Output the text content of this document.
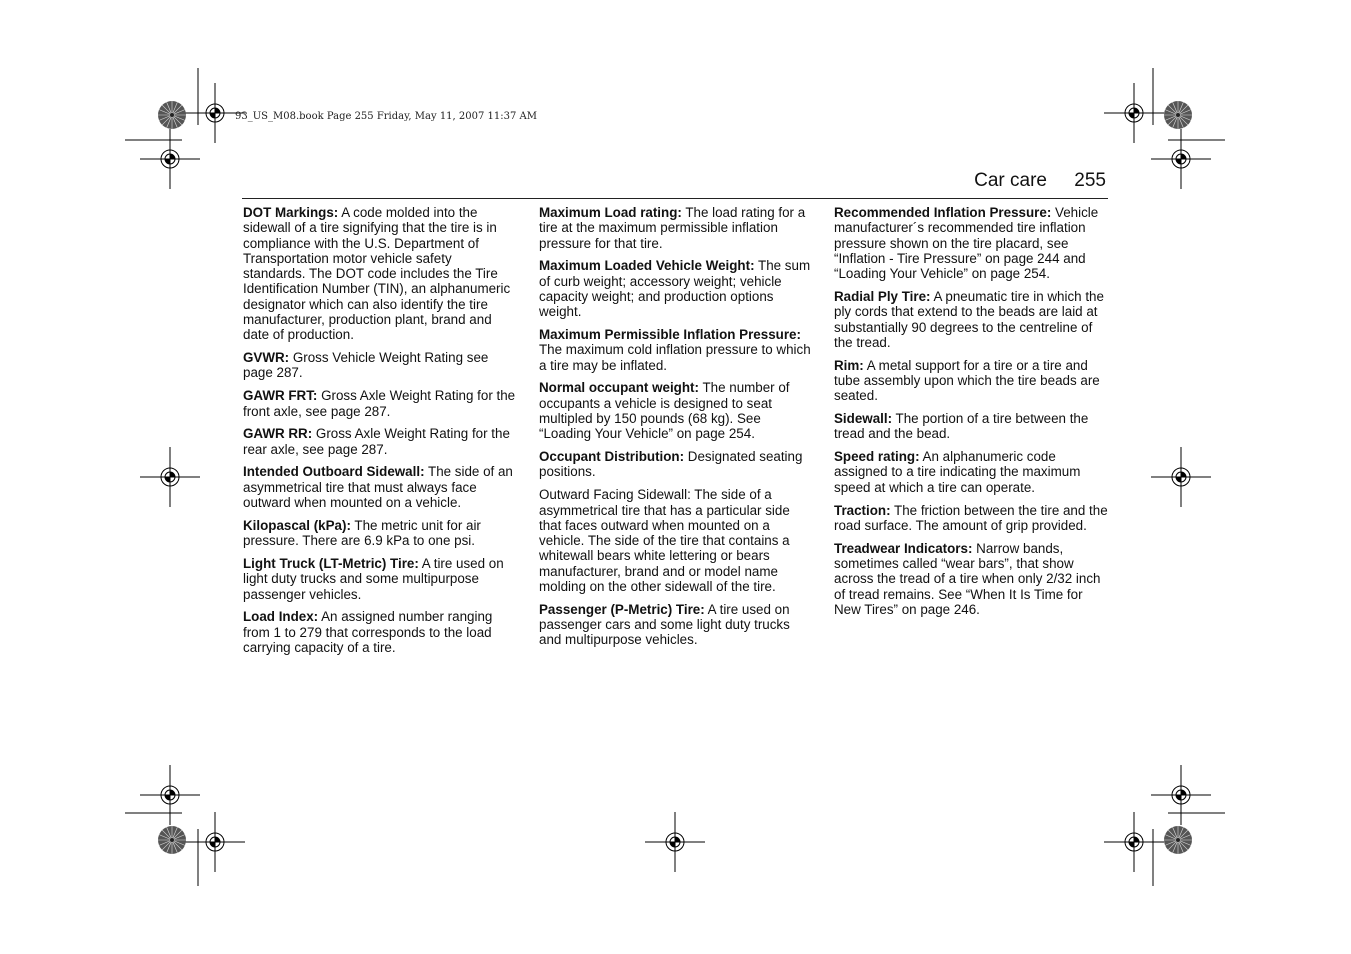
93_US_M08.book Page 255 Friday, May 11, 2007 11:37 AM
Car care 255

DOT Markings: A code molded into the sidewall of a tire signifying that the tire is in compliance with the U.S. Department of Transportation motor vehicle safety standards. The DOT code includes the Tire Identification Number (TIN), an alphanumeric designator which can also identify the tire manufacturer, production plant, brand and date of production.

GVWR: Gross Vehicle Weight Rating see page 287.

GAWR FRT: Gross Axle Weight Rating for the front axle, see page 287.

GAWR RR: Gross Axle Weight Rating for the rear axle, see page 287.

Intended Outboard Sidewall: The side of an asymmetrical tire that must always face outward when mounted on a vehicle.

Kilopascal (kPa): The metric unit for air pressure. There are 6.9 kPa to one psi.

Light Truck (LT-Metric) Tire: A tire used on light duty trucks and some multipurpose passenger vehicles.

Load Index: An assigned number ranging from 1 to 279 that corresponds to the load carrying capacity of a tire.

Maximum Load rating: The load rating for a tire at the maximum permissible inflation pressure for that tire.

Maximum Loaded Vehicle Weight: The sum of curb weight; accessory weight; vehicle capacity weight; and production options weight.

Maximum Permissible Inflation Pressure: The maximum cold inflation pressure to which a tire may be inflated.

Normal occupant weight: The number of occupants a vehicle is designed to seat multipled by 150 pounds (68 kg). See “Loading Your Vehicle” on page 254.

Occupant Distribution: Designated seating positions.

Outward Facing Sidewall: The side of a asymmetrical tire that has a particular side that faces outward when mounted on a vehicle. The side of the tire that contains a whitewall bears white lettering or bears manufacturer, brand and or model name molding on the other sidewall of the tire.

Passenger (P-Metric) Tire: A tire used on passenger cars and some light duty trucks and multipurpose vehicles.

Recommended Inflation Pressure: Vehicle manufacturer´s recommended tire inflation pressure shown on the tire placard, see “Inflation - Tire Pressure” on page 244 and “Loading Your Vehicle” on page 254.

Radial Ply Tire: A pneumatic tire in which the ply cords that extend to the beads are laid at substantially 90 degrees to the centreline of the tread.

Rim: A metal support for a tire or a tire and tube assembly upon which the tire beads are seated.

Sidewall: The portion of a tire between the tread and the bead.

Speed rating: An alphanumeric code assigned to a tire indicating the maximum speed at which a tire can operate.

Traction: The friction between the tire and the road surface. The amount of grip provided.

Treadwear Indicators: Narrow bands, sometimes called “wear bars”, that show across the tread of a tire when only 2/32 inch of tread remains. See “When It Is Time for New Tires” on page 246.
